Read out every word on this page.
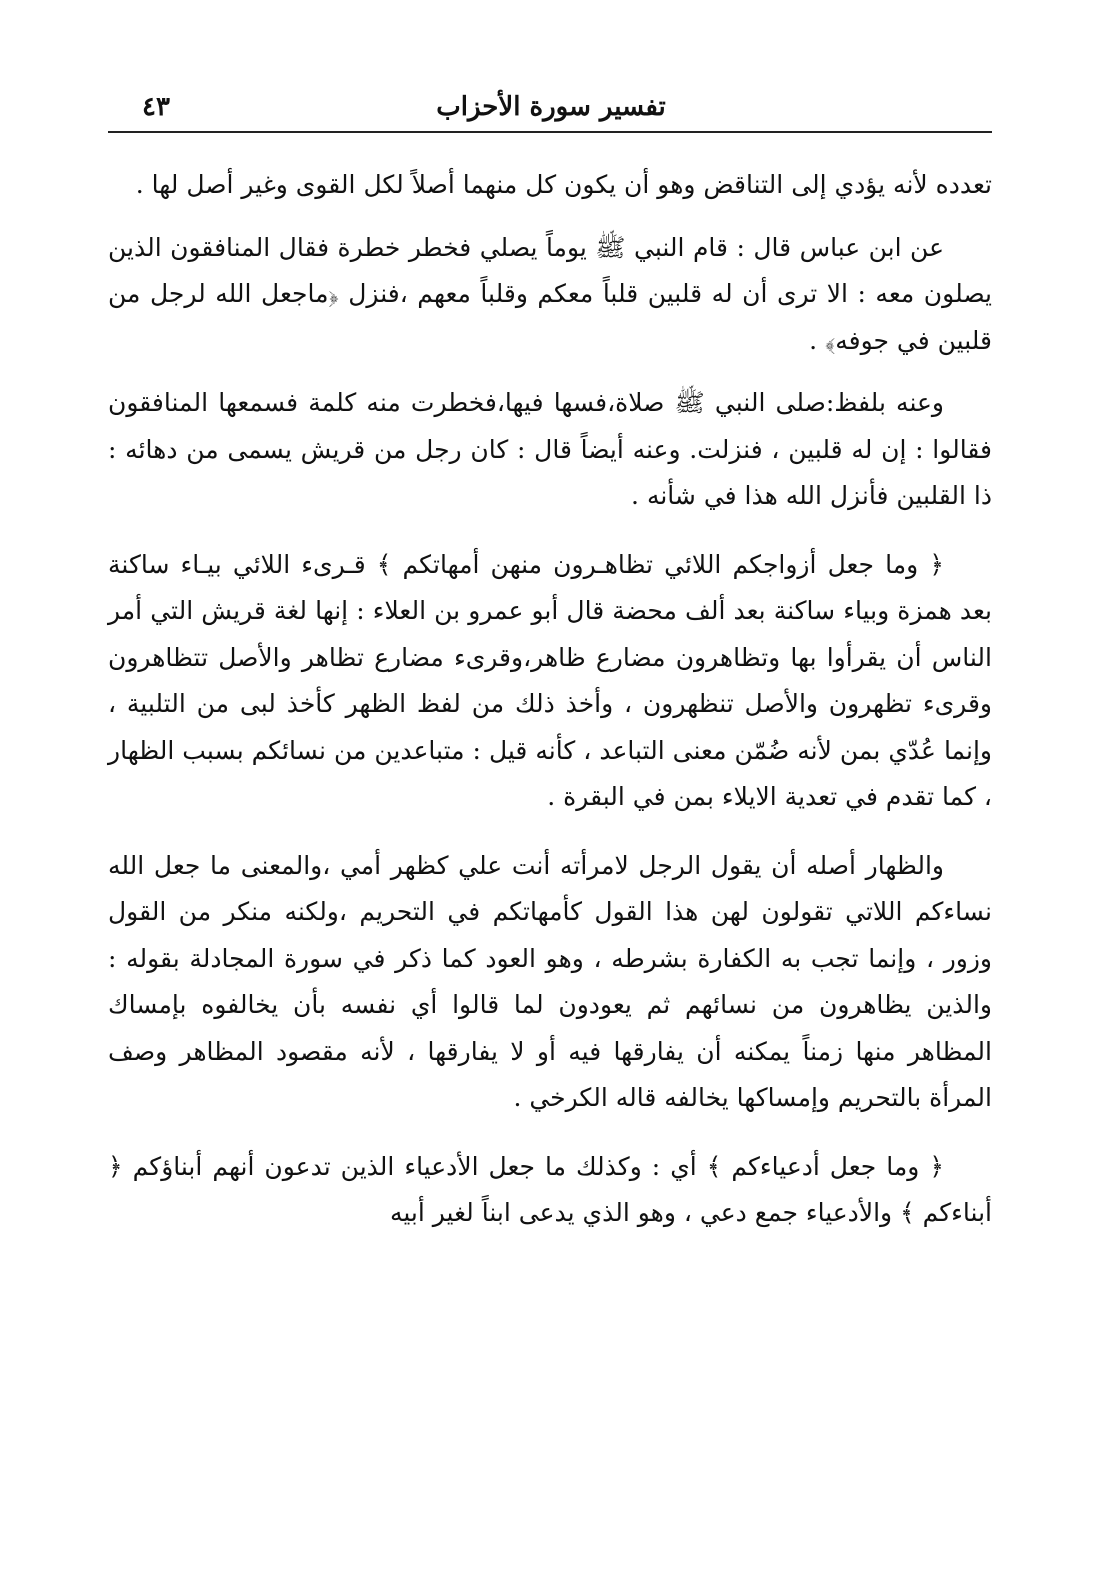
تفسير سورة الأحزاب
٤٣

تعدده لأنه يؤدي إلى التناقض وهو أن يكون كل منهما أصلاً لكل القوى وغير أصل لها .

عن ابن عباس قال : قام النبي ﷺ يوماً يصلي فخطر خطرة فقال المنافقون الذين يصلون معه : الا ترى أن له قلبين قلباً معكم وقلباً معهم ،فنزل ﴿ماجعل الله لرجل من قلبين في جوفه﴾ .

وعنه بلفظ:صلى النبي ﷺ صلاة،فسها فيها،فخطرت منه كلمة فسمعها المنافقون فقالوا : إن له قلبين ، فنزلت. وعنه أيضاً قال : كان رجل من قريش يسمى من دهائه : ذا القلبين فأنزل الله هذا في شأنه .

﴿ وما جعل أزواجكم اللائي تظاهـرون منهن أمهاتكم ﴾ قـرىء اللائي بيـاء ساكنة بعد همزة وبياء ساكنة بعد ألف محضة قال أبو عمرو بن العلاء : إنها لغة قريش التي أمر الناس أن يقرأوا بها وتظاهرون مضارع ظاهر،وقرىء مضارع تظاهر والأصل تتظاهرون وقرىء تظهرون والأصل تنظهرون ، وأخذ ذلك من لفظ الظهر كأخذ لبى من التلبية ، وإنما عُدّي بمن لأنه ضُمّن معنى التباعد ، كأنه قيل : متباعدين من نسائكم بسبب الظهار ، كما تقدم في تعدية الايلاء بمن في البقرة .

والظهار أصله أن يقول الرجل لامرأته أنت علي كظهر أمي ،والمعنى ما جعل الله نساءكم اللاتي تقولون لهن هذا القول كأمهاتكم في التحريم ،ولكنه منكر من القول وزور ، وإنما تجب به الكفارة بشرطه ، وهو العود كما ذكر في سورة المجادلة بقوله : والذين يظاهرون من نسائهم ثم يعودون لما قالوا أي نفسه بأن يخالفوه بإمساك المظاهر منها زمناً يمكنه أن يفارقها فيه أو لا يفارقها ، لأنه مقصود المظاهر وصف المرأة بالتحريم وإمساكها يخالفه قاله الكرخي .

﴿ وما جعل أدعياءكم ﴾ أي : وكذلك ما جعل الأدعياء الذين تدعون أنهم أبناؤكم ﴿ أبناءكم ﴾ والأدعياء جمع دعي ، وهو الذي يدعى ابناً لغير أبيه
